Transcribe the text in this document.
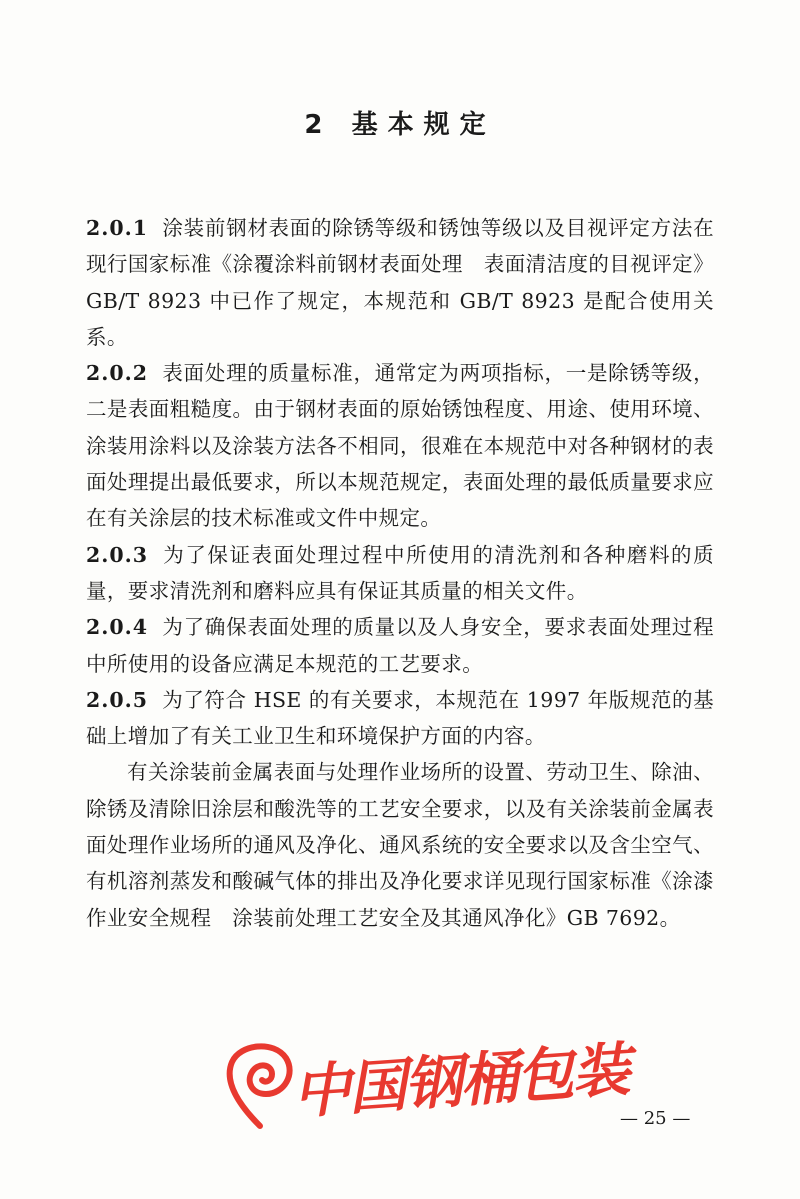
2 基本规定

2.0.1 涂装前钢材表面的除锈等级和锈蚀等级以及目视评定方法在现行国家标准《涂覆涂料前钢材表面处理　表面清洁度的目视评定》GB/T 8923 中已作了规定，本规范和 GB/T 8923 是配合使用关系。

2.0.2 表面处理的质量标准，通常定为两项指标，一是除锈等级，二是表面粗糙度。由于钢材表面的原始锈蚀程度、用途、使用环境、涂装用涂料以及涂装方法各不相同，很难在本规范中对各种钢材的表面处理提出最低要求，所以本规范规定，表面处理的最低质量要求应在有关涂层的技术标准或文件中规定。

2.0.3 为了保证表面处理过程中所使用的清洗剂和各种磨料的质量，要求清洗剂和磨料应具有保证其质量的相关文件。

2.0.4 为了确保表面处理的质量以及人身安全，要求表面处理过程中所使用的设备应满足本规范的工艺要求。

2.0.5 为了符合 HSE 的有关要求，本规范在 1997 年版规范的基础上增加了有关工业卫生和环境保护方面的内容。

有关涂装前金属表面与处理作业场所的设置、劳动卫生、除油、除锈及清除旧涂层和酸洗等的工艺安全要求，以及有关涂装前金属表面处理作业场所的通风及净化、通风系统的安全要求以及含尘空气、有机溶剂蒸发和酸碱气体的排出及净化要求详见现行国家标准《涂漆作业安全规程　涂装前处理工艺安全及其通风净化》GB 7692。

中国钢桶包装

— 25 —
